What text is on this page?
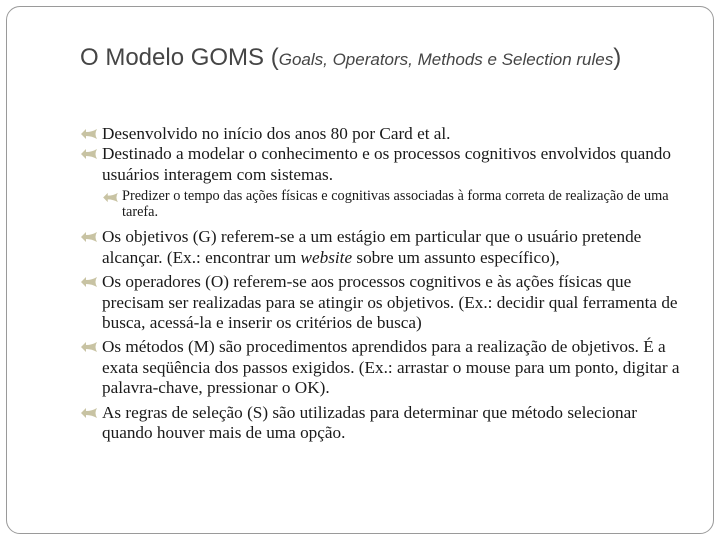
O Modelo GOMS (Goals, Operators, Methods e Selection rules)
Desenvolvido no início dos anos 80 por Card et al.
Destinado a modelar o conhecimento e os processos cognitivos envolvidos quando usuários interagem com sistemas.
Predizer o tempo das ações físicas e cognitivas associadas à forma correta de realização de uma tarefa.
Os objetivos (G) referem-se a um estágio em particular que o usuário pretende alcançar. (Ex.: encontrar um website sobre um assunto específico),
Os operadores (O) referem-se aos processos cognitivos e às ações físicas que precisam ser realizadas para se atingir os objetivos. (Ex.: decidir qual ferramenta de busca, acessá-la e inserir os critérios de busca)
Os métodos (M) são procedimentos aprendidos para a realização de objetivos. É a exata seqüência dos passos exigidos. (Ex.: arrastar o mouse para um ponto, digitar a palavra-chave, pressionar o OK).
As regras de seleção (S) são utilizadas para determinar que método selecionar quando houver mais de uma opção.
